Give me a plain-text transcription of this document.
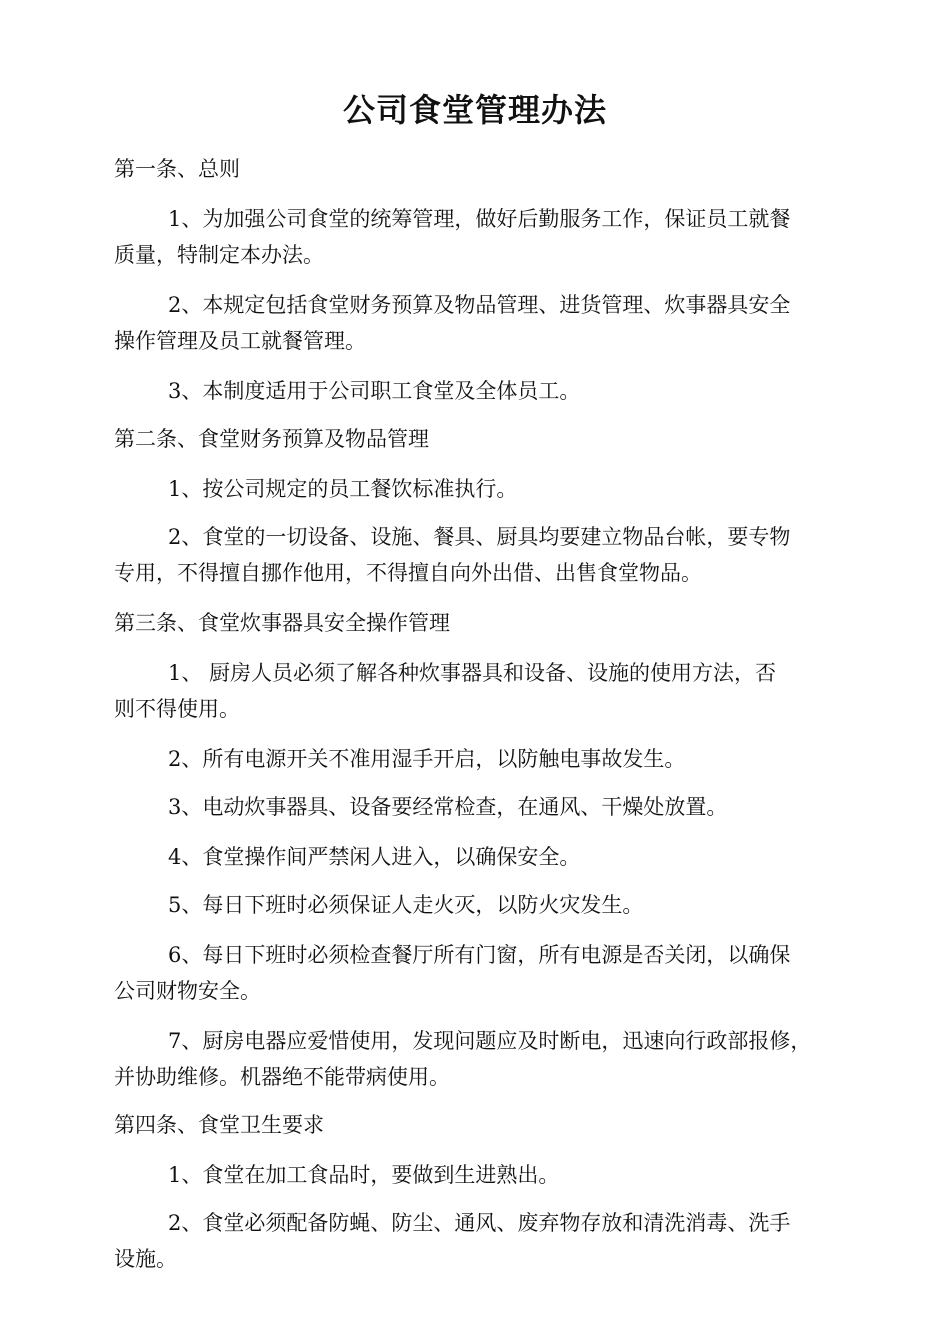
公司食堂管理办法
第一条、总则
1、为加强公司食堂的统筹管理，做好后勤服务工作，保证员工就餐
质量，特制定本办法。
2、本规定包括食堂财务预算及物品管理、进货管理、炊事器具安全
操作管理及员工就餐管理。
3、本制度适用于公司职工食堂及全体员工。
第二条、食堂财务预算及物品管理
1、按公司规定的员工餐饮标准执行。
2、食堂的一切设备、设施、餐具、厨具均要建立物品台帐，要专物
专用，不得擅自挪作他用，不得擅自向外出借、出售食堂物品。
第三条、食堂炊事器具安全操作管理
1、 厨房人员必须了解各种炊事器具和设备、设施的使用方法，否
则不得使用。
2、所有电源开关不准用湿手开启，以防触电事故发生。
3、电动炊事器具、设备要经常检查，在通风、干燥处放置。
4、食堂操作间严禁闲人进入，以确保安全。
5、每日下班时必须保证人走火灭，以防火灾发生。
6、每日下班时必须检查餐厅所有门窗，所有电源是否关闭，以确保
公司财物安全。
7、厨房电器应爱惜使用，发现问题应及时断电，迅速向行政部报修，
并协助维修。机器绝不能带病使用。
第四条、食堂卫生要求
1、食堂在加工食品时，要做到生进熟出。
2、食堂必须配备防蝇、防尘、通风、废弃物存放和清洗消毒、洗手
设施。
